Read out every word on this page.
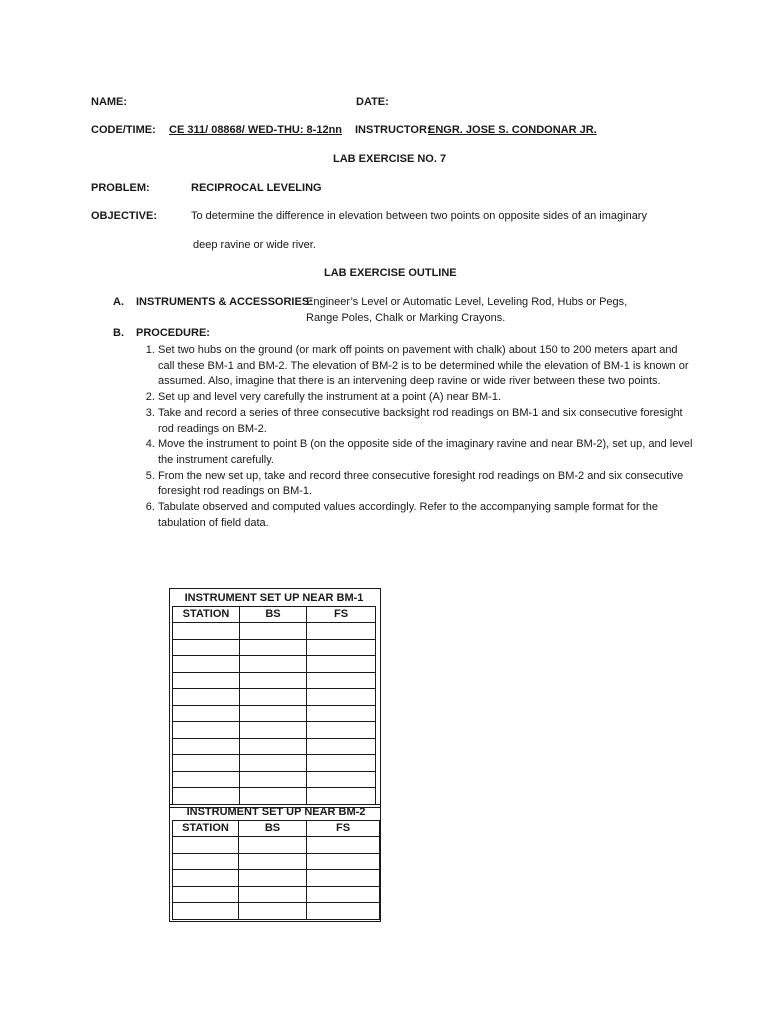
NAME:	DATE:
CODE/TIME: CE 311/ 08868/ WED-THU: 8-12nn INSTRUCTOR:
ENGR. JOSE S. CONDONAR JR.
LAB EXERCISE NO. 7
PROBLEM:	RECIPROCAL LEVELING
OBJECTIVE:	To determine the difference in elevation between two points on opposite sides of an imaginary
deep ravine or wide river.
LAB EXERCISE OUTLINE
A. INSTRUMENTS & ACCESSORIES:
Engineer’s Level or Automatic Level, Leveling Rod, Hubs or Pegs,
Range Poles, Chalk or Marking Crayons.
B. PROCEDURE:
1. Set two hubs on the ground (or mark off points on pavement with chalk) about 150 to 200 meters apart and call these BM-1 and BM-2. The elevation of BM-2 is to be determined while the elevation of BM-1 is known or assumed. Also, imagine that there is an intervening deep ravine or wide river between these two points.
2. Set up and level very carefully the instrument at a point (A) near BM-1.
3. Take and record a series of three consecutive backsight rod readings on BM-1 and six consecutive foresight rod readings on BM-2.
4. Move the instrument to point B (on the opposite side of the imaginary ravine and near BM-2), set up, and level the instrument carefully.
5. From the new set up, take and record three consecutive foresight rod readings on BM-2 and six consecutive foresight rod readings on BM-1.
6. Tabulate observed and computed values accordingly. Refer to the accompanying sample format for the tabulation of field data.
INSTRUMENT SET UP NEAR BM-1		
STATION	BS	FS

INSTRUMENT SET UP NEAR BM-2		
STATION	BS	FS
